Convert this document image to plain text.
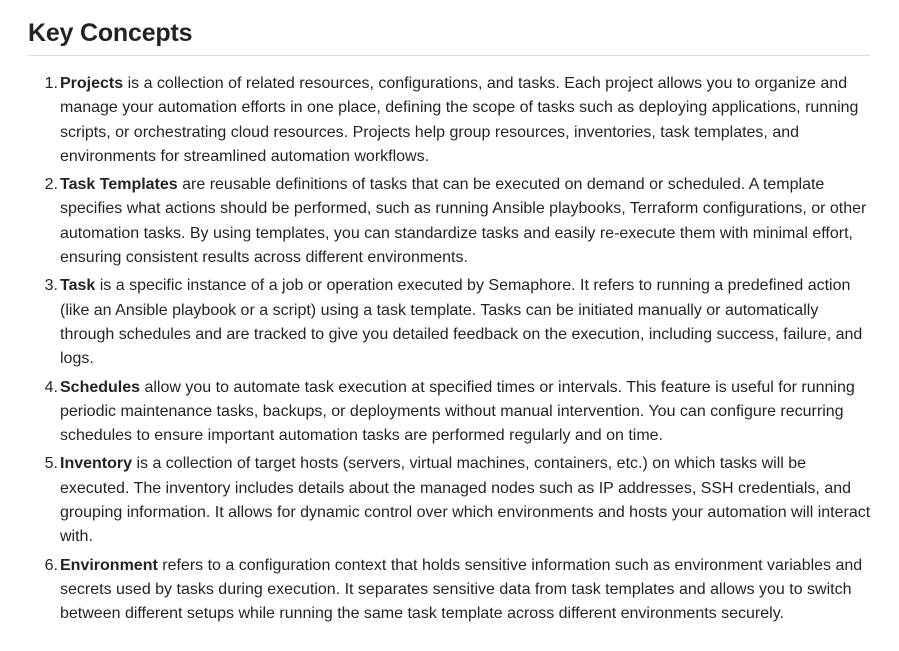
Key Concepts
1. Projects is a collection of related resources, configurations, and tasks. Each project allows you to organize and manage your automation efforts in one place, defining the scope of tasks such as deploying applications, running scripts, or orchestrating cloud resources. Projects help group resources, inventories, task templates, and environments for streamlined automation workflows.
2. Task Templates are reusable definitions of tasks that can be executed on demand or scheduled. A template specifies what actions should be performed, such as running Ansible playbooks, Terraform configurations, or other automation tasks. By using templates, you can standardize tasks and easily re-execute them with minimal effort, ensuring consistent results across different environments.
3. Task is a specific instance of a job or operation executed by Semaphore. It refers to running a predefined action (like an Ansible playbook or a script) using a task template. Tasks can be initiated manually or automatically through schedules and are tracked to give you detailed feedback on the execution, including success, failure, and logs.
4. Schedules allow you to automate task execution at specified times or intervals. This feature is useful for running periodic maintenance tasks, backups, or deployments without manual intervention. You can configure recurring schedules to ensure important automation tasks are performed regularly and on time.
5. Inventory is a collection of target hosts (servers, virtual machines, containers, etc.) on which tasks will be executed. The inventory includes details about the managed nodes such as IP addresses, SSH credentials, and grouping information. It allows for dynamic control over which environments and hosts your automation will interact with.
6. Environment refers to a configuration context that holds sensitive information such as environment variables and secrets used by tasks during execution. It separates sensitive data from task templates and allows you to switch between different setups while running the same task template across different environments securely.
